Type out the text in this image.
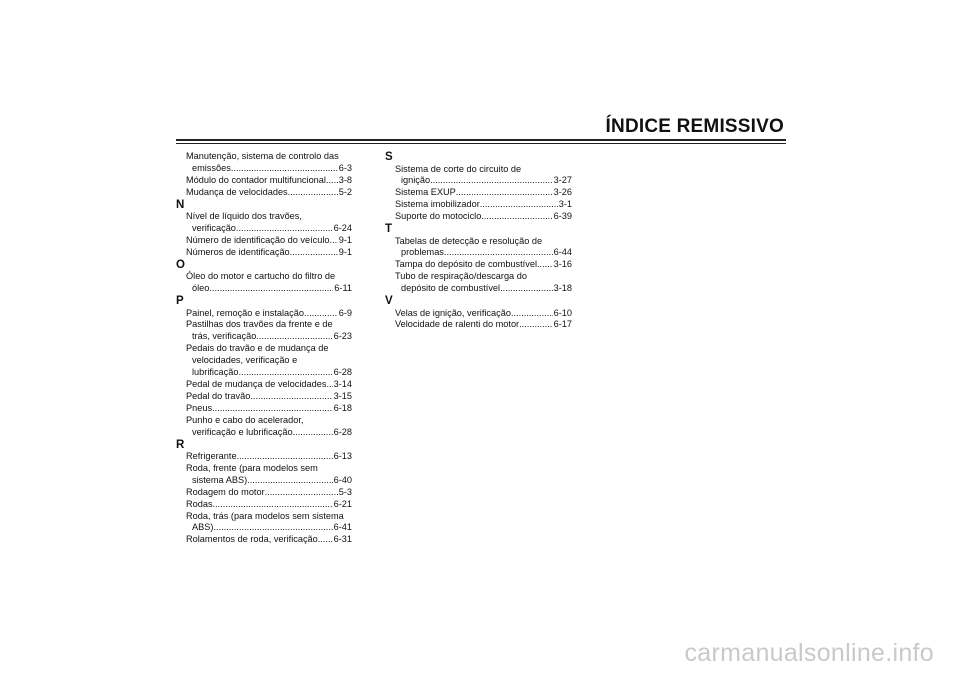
ÍNDICE REMISSIVO
Manutenção, sistema de controlo das
emissões .....	6-3
Módulo do contador multifuncional ..... 3-8
Mudança de velocidades .....	5-2
N
Nível de líquido dos travões,
verificação .....	6-24
Número de identificação do veículo ..... 9-1
Números de identificação .....	9-1
O
Óleo do motor e cartucho do filtro de
óleo .....	6-11
P
Painel, remoção e instalação .....	6-9
Pastilhas dos travões da frente e de
trás, verificação .....	6-23
Pedais do travão e de mudança de
velocidades, verificação e
lubrificação .....	6-28
Pedal de mudança de velocidades ..... 3-14
Pedal do travão .....	3-15
Pneus .....	6-18
Punho e cabo do acelerador,
verificação e lubrificação .....	6-28
R
Refrigerante .....	6-13
Roda, frente (para modelos sem
sistema ABS) .....	6-40
Rodagem do motor .....	5-3
Rodas .....	6-21
Roda, trás (para modelos sem sistema
ABS) .....	6-41
Rolamentos de roda, verificação ..... 6-31
S
Sistema de corte do circuito de
ignição .....	3-27
Sistema EXUP .....	3-26
Sistema imobilizador .....	3-1
Suporte do motociclo .....	6-39
T
Tabelas de detecção e resolução de
problemas .....	6-44
Tampa do depósito de combustível ..... 3-16
Tubo de respiração/descarga do
depósito de combustível .....	3-18
V
Velas de ignição, verificação .....	6-10
Velocidade de ralenti do motor .....	6-17
carmanualsonline.info
